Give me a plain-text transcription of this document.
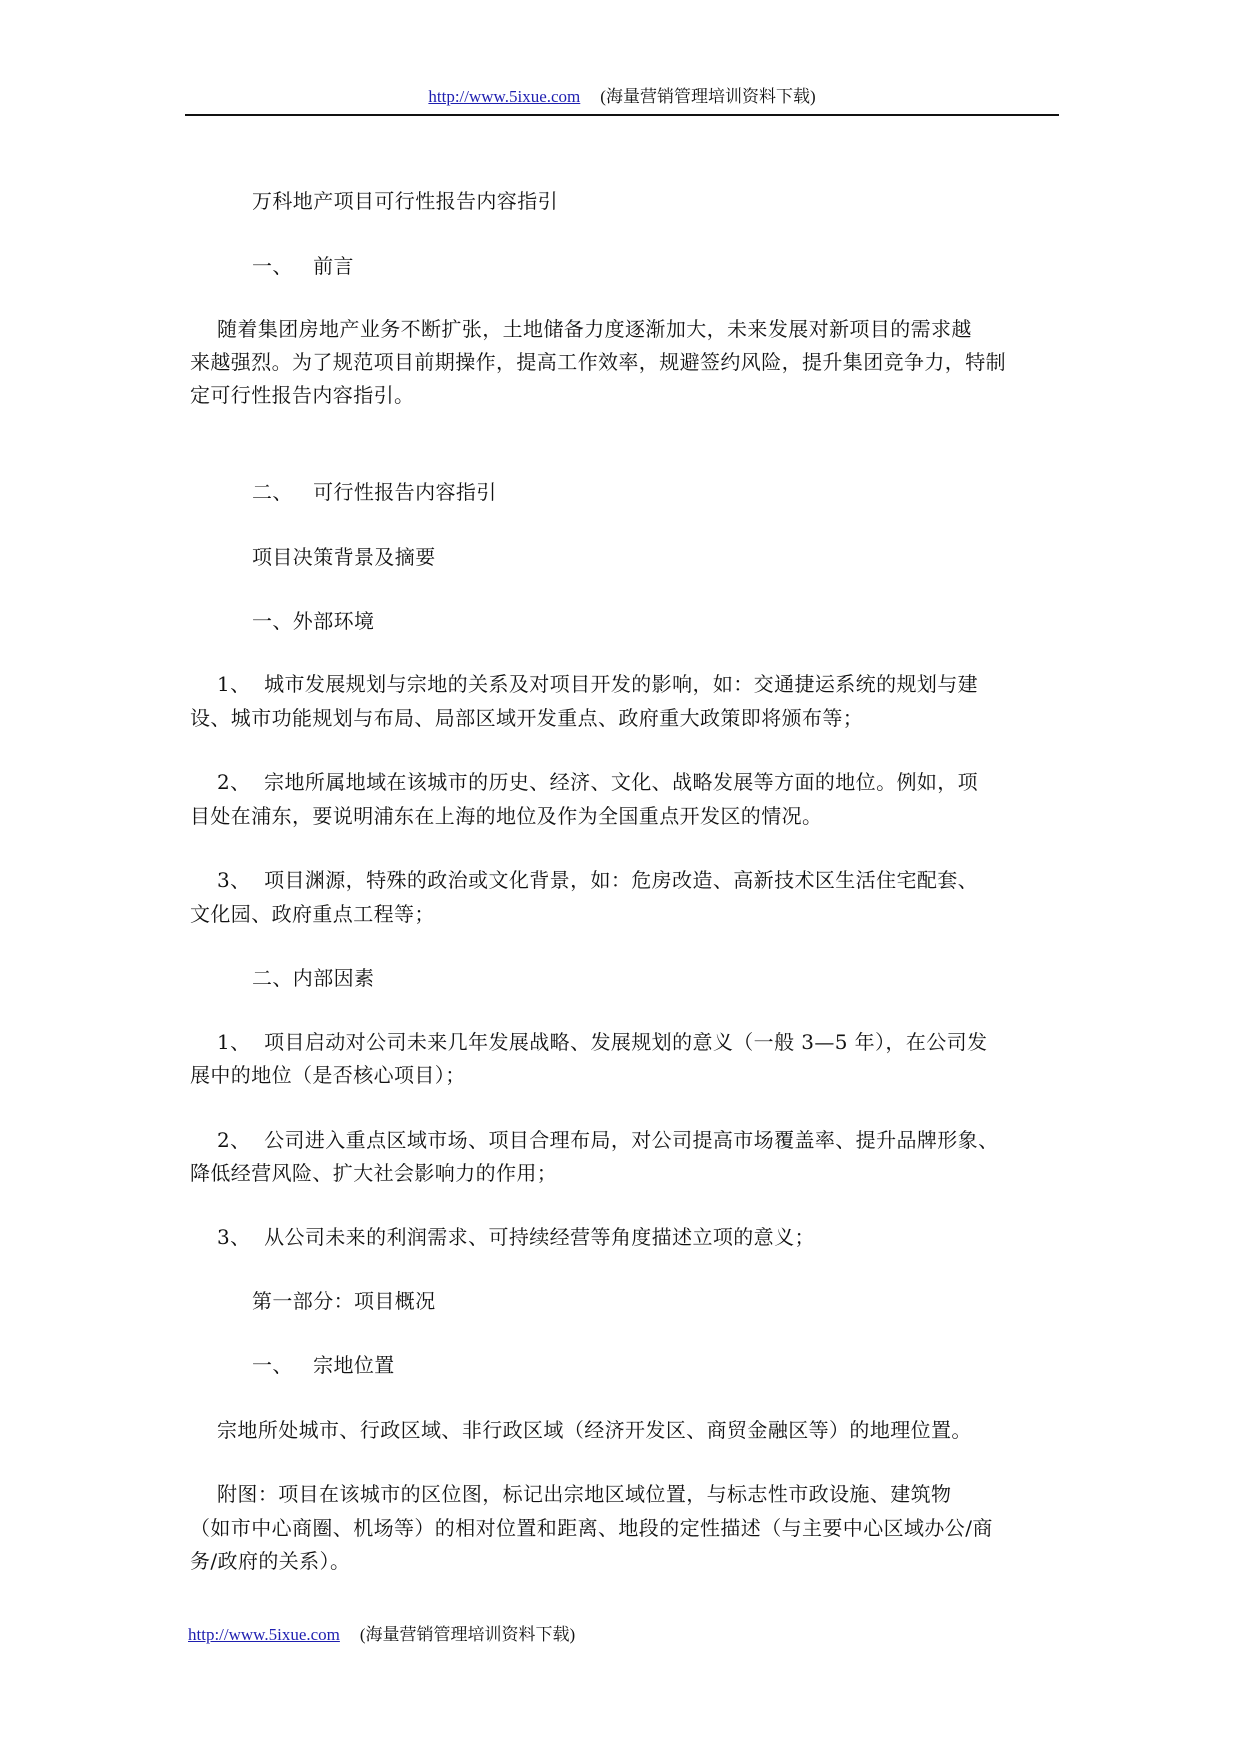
http://www.5ixue.com (海量营销管理培训资料下载)
万科地产项目可行性报告内容指引
一、   前言
随着集团房地产业务不断扩张，土地储备力度逐渐加大，未来发展对新项目的需求越
来越强烈。为了规范项目前期操作，提高工作效率，规避签约风险，提升集团竞争力，特制
定可行性报告内容指引。
二、   可行性报告内容指引
项目决策背景及摘要
一、外部环境
1、  城市发展规划与宗地的关系及对项目开发的影响，如：交通捷运系统的规划与建
设、城市功能规划与布局、局部区域开发重点、政府重大政策即将颁布等；
2、  宗地所属地域在该城市的历史、经济、文化、战略发展等方面的地位。例如，项
目处在浦东，要说明浦东在上海的地位及作为全国重点开发区的情况。
3、  项目渊源，特殊的政治或文化背景，如：危房改造、高新技术区生活住宅配套、
文化园、政府重点工程等；
二、内部因素
1、  项目启动对公司未来几年发展战略、发展规划的意义（一般 3—5 年），在公司发
展中的地位（是否核心项目）；
2、  公司进入重点区域市场、项目合理布局，对公司提高市场覆盖率、提升品牌形象、
降低经营风险、扩大社会影响力的作用；
3、  从公司未来的利润需求、可持续经营等角度描述立项的意义；
第一部分：项目概况
一、   宗地位置
宗地所处城市、行政区域、非行政区域（经济开发区、商贸金融区等）的地理位置。
附图：项目在该城市的区位图，标记出宗地区域位置，与标志性市政设施、建筑物
（如市中心商圈、机场等）的相对位置和距离、地段的定性描述（与主要中心区域办公/商
务/政府的关系）。
http://www.5ixue.com (海量营销管理培训资料下载)
